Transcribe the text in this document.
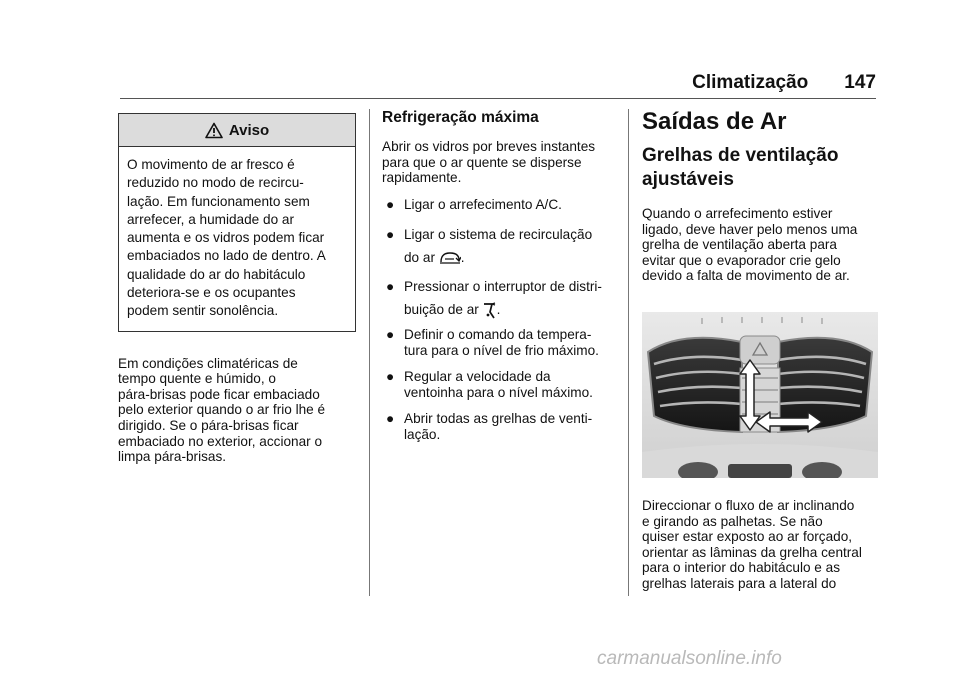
Climatização 147
Aviso
O movimento de ar fresco é
reduzido no modo de recircu-
lação. Em funcionamento sem
arrefecer, a humidade do ar
aumenta e os vidros podem ficar
embaciados no lado de dentro. A
qualidade do ar do habitáculo
deteriora-se e os ocupantes
podem sentir sonolência.

Em condições climatéricas de
tempo quente e húmido, o
pára-brisas pode ficar embaciado
pelo exterior quando o ar frio lhe é
dirigido. Se o pára-brisas ficar
embaciado no exterior, accionar o
limpa pára-brisas.

Refrigeração máxima

Abrir os vidros por breves instantes
para que o ar quente se disperse
rapidamente.

● Ligar o arrefecimento A/C.
● Ligar o sistema de recirculação
do ar .
● Pressionar o interruptor de distri-
buição de ar .
● Definir o comando da tempera-
tura para o nível de frio máximo.
● Regular a velocidade da
ventoinha para o nível máximo.
● Abrir todas as grelhas de venti-
lação.
Saídas de Ar
Grelhas de ventilação
ajustáveis

Quando o arrefecimento estiver
ligado, deve haver pelo menos uma
grelha de ventilação aberta para
evitar que o evaporador crie gelo
devido a falta de movimento de ar.

Direccionar o fluxo de ar inclinando
e girando as palhetas. Se não
quiser estar exposto ao ar forçado,
orientar as lâminas da grelha central
para o interior do habitáculo e as
grelhas laterais para a lateral do

carmanualsonline.info
